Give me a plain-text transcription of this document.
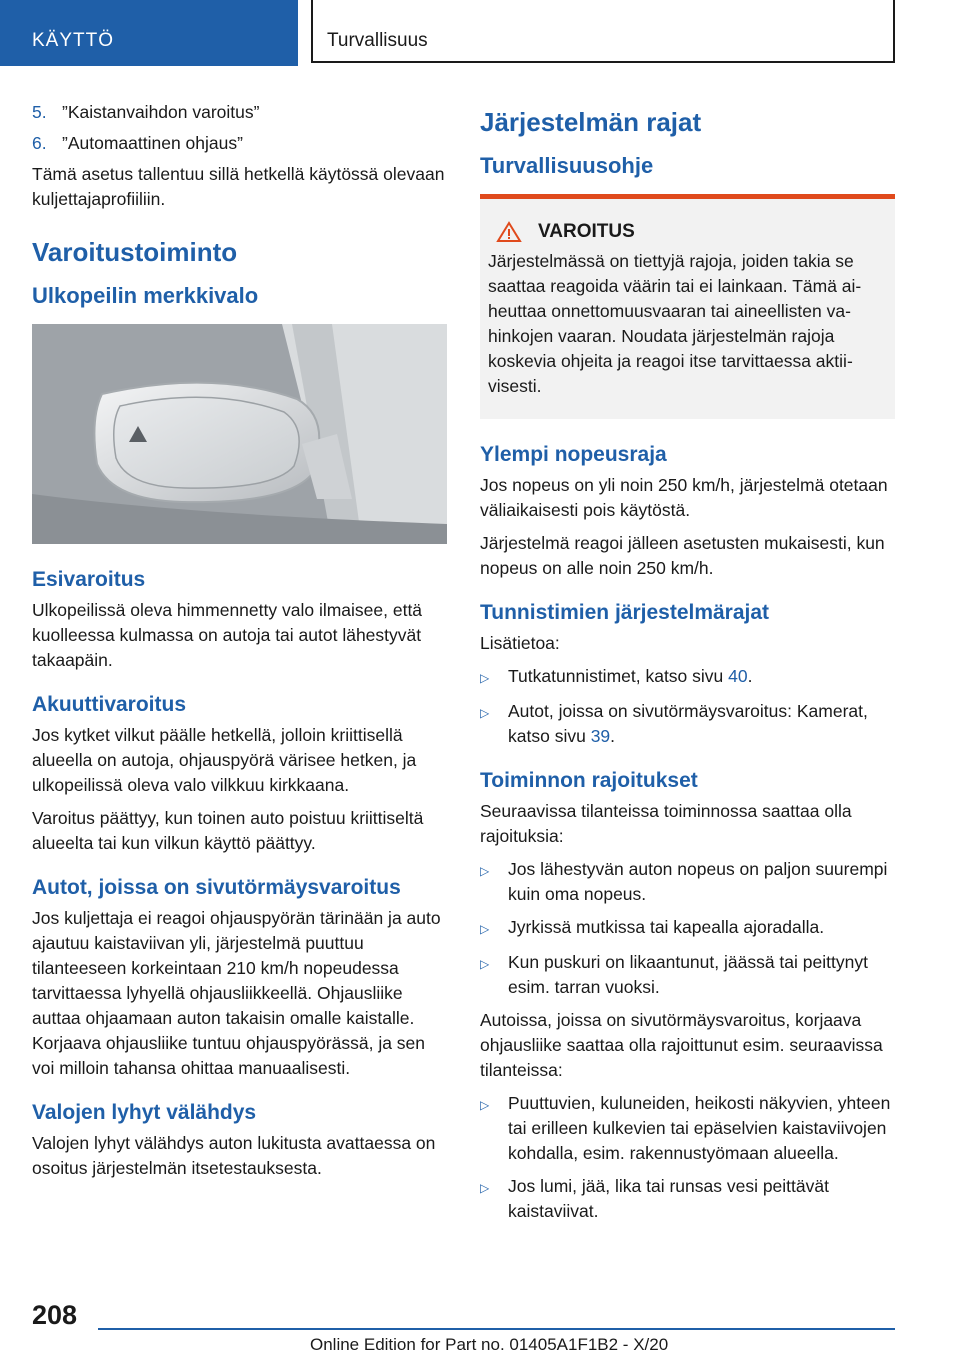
KÄYTTÖ	Turvallisuus
5. ”Kaistanvaihdon varoitus”
6. ”Automaattinen ohjaus”

Tämä asetus tallentuu sillä hetkellä käytössä olevaan kuljettajaprofiiliin.

Varoitustoiminto
Ulkopeilin merkkivalo
Esivaroitus

Ulkopeilissä oleva himmennetty valo ilmaisee, että kuolleessa kulmassa on autoja tai autot lähestyvät takaapäin.

Akuuttivaroitus

Jos kytket vilkut päälle hetkellä, jolloin kriittisellä alueella on autoja, ohjauspyörä värisee hetken, ja ulkopeilissä oleva valo vilkkuu kirkkaana.

Varoitus päättyy, kun toinen auto poistuu kriittiseltä alueelta tai kun vilkun käyttö päättyy.

Autot, joissa on sivutörmäysvaroitus

Jos kuljettaja ei reagoi ohjauspyörän tärinään ja auto ajautuu kaistaviivan yli, järjestelmä puuttuu tilanteeseen korkeintaan 210 km/h nopeudessa tarvittaessa lyhyellä ohjausliikkeellä. Ohjausliike auttaa ohjaamaan auton takaisin omalle kaistalle. Korjaava ohjausliike tuntuu ohjauspyörässä, ja sen voi milloin tahansa ohittaa manuaalisesti.

Valojen lyhyt välähdys

Valojen lyhyt välähdys auton lukitusta avattaessa on osoitus järjestelmän itsetestauksesta.

Järjestelmän rajat
Turvallisuusohje
VAROITUS

Järjestelmässä on tiettyjä rajoja, joiden takia se saattaa reagoida väärin tai ei lainkaan. Tämä aiheuttaa onnettomuusvaaran tai aineellisten vahinkojen vaaran. Noudata järjestelmän rajoja koskevia ohjeita ja reagoi itse tarvittaessa aktiivisesti.

Ylempi nopeusraja

Jos nopeus on yli noin 250 km/h, järjestelmä otetaan väliaikaisesti pois käytöstä.

Järjestelmä reagoi jälleen asetusten mukaisesti, kun nopeus on alle noin 250 km/h.

Tunnistimien järjestelmärajat

Lisätietoa:

▷	Tutkatunnistimet, katso sivu 40.
▷	Autot, joissa on sivutörmäysvaroitus: Kamerat, katso sivu 39.
Toiminnon rajoitukset

Seuraavissa tilanteissa toiminnossa saattaa olla rajoituksia:

▷	Jos lähestyvän auton nopeus on paljon suurempi kuin oma nopeus.
▷	Jyrkissä mutkissa tai kapealla ajoradalla.
▷	Kun puskuri on likaantunut, jäässä tai peittynyt esim. tarran vuoksi.

Autoissa, joissa on sivutörmäysvaroitus, korjaava ohjausliike saattaa olla rajoittunut esim. seuraavissa tilanteissa:

▷	Puuttuvien, kuluneiden, heikosti näkyvien, yhteen tai erilleen kulkevien tai epäselvien kaistaviivojen kohdalla, esim. rakennustyömaan alueella.
▷	Jos lumi, jää, lika tai runsas vesi peittävät kaistaviivat.
208
Online Edition for Part no. 01405A1F1B2 - X/20
